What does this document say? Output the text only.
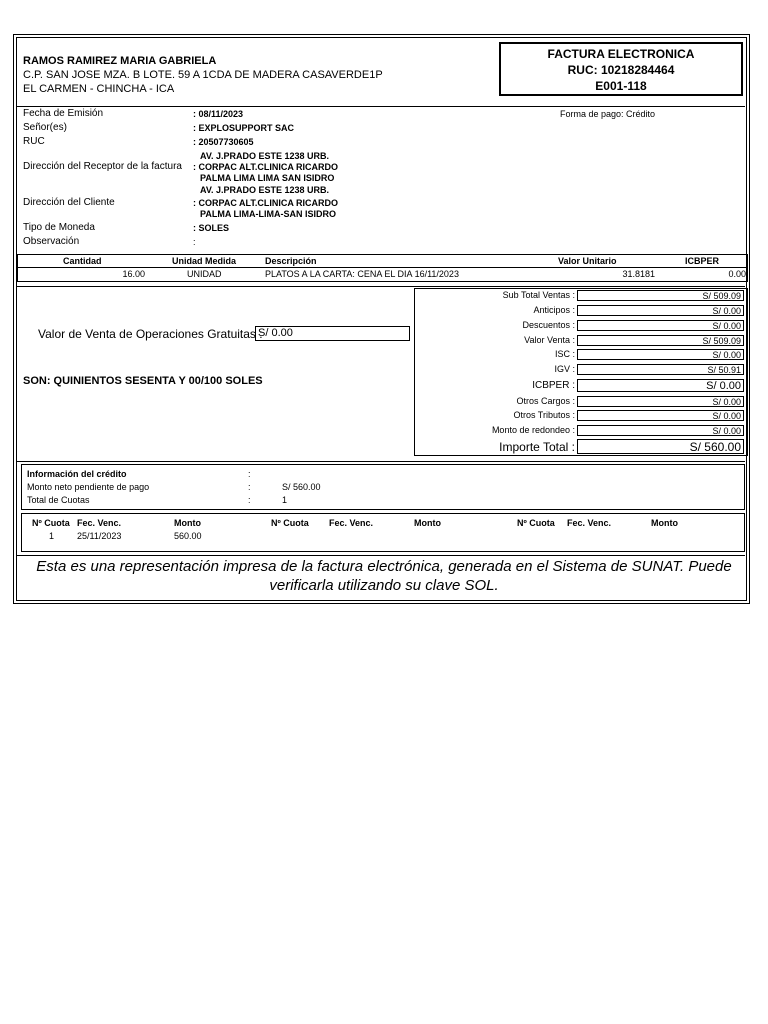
RAMOS RAMIREZ MARIA GABRIELA
C.P. SAN JOSE MZA. B LOTE. 59 A 1CDA DE MADERA CASAVERDE1P
EL CARMEN - CHINCHA - ICA
FACTURA ELECTRONICA
RUC: 10218284464
E001-118
Fecha de Emisión	: 08/11/2023	Forma de pago: Crédito
Señor(es)	: EXPLOSUPPORT SAC
RUC	: 20507730605
AV. J.PRADO ESTE 1238 URB.
Dirección del Receptor de la factura : CORPAC ALT.CLINICA RICARDO
PALMA LIMA LIMA SAN ISIDRO
AV. J.PRADO ESTE 1238 URB.
Dirección del Cliente	: CORPAC ALT.CLINICA RICARDO
PALMA LIMA-LIMA-SAN ISIDRO
Tipo de Moneda	: SOLES
Observación	:
Cantidad	Unidad Medida	Descripción	Valor Unitario	ICBPER
16.00	UNIDAD	PLATOS A LA CARTA: CENA EL DIA 16/11/2023	31.8181	0.00
Valor de Venta de Operaciones Gratuitas :
S/ 0.00
SON: QUINIENTOS SESENTA Y 00/100 SOLES
Sub Total Ventas :	S/ 509.09
Anticipos :	S/ 0.00
Descuentos :	S/ 0.00
Valor Venta :	S/ 509.09
ISC :	S/ 0.00
IGV :	S/ 50.91
ICBPER :	S/ 0.00
Otros Cargos :	S/ 0.00
Otros Tributos :	S/ 0.00
Monto de redondeo :	S/ 0.00
Importe Total :	S/ 560.00
Información del crédito	:
Monto neto pendiente de pago	:	S/ 560.00
Total de Cuotas	:	1
Nº Cuota Fec. Venc.	Monto	Nº Cuota Fec. Venc.	Monto	Nº Cuota Fec. Venc.	Monto
1	25/11/2023	560.00
Esta es una representación impresa de la factura electrónica, generada en el Sistema de SUNAT. Puede verificarla utilizando su clave SOL.
